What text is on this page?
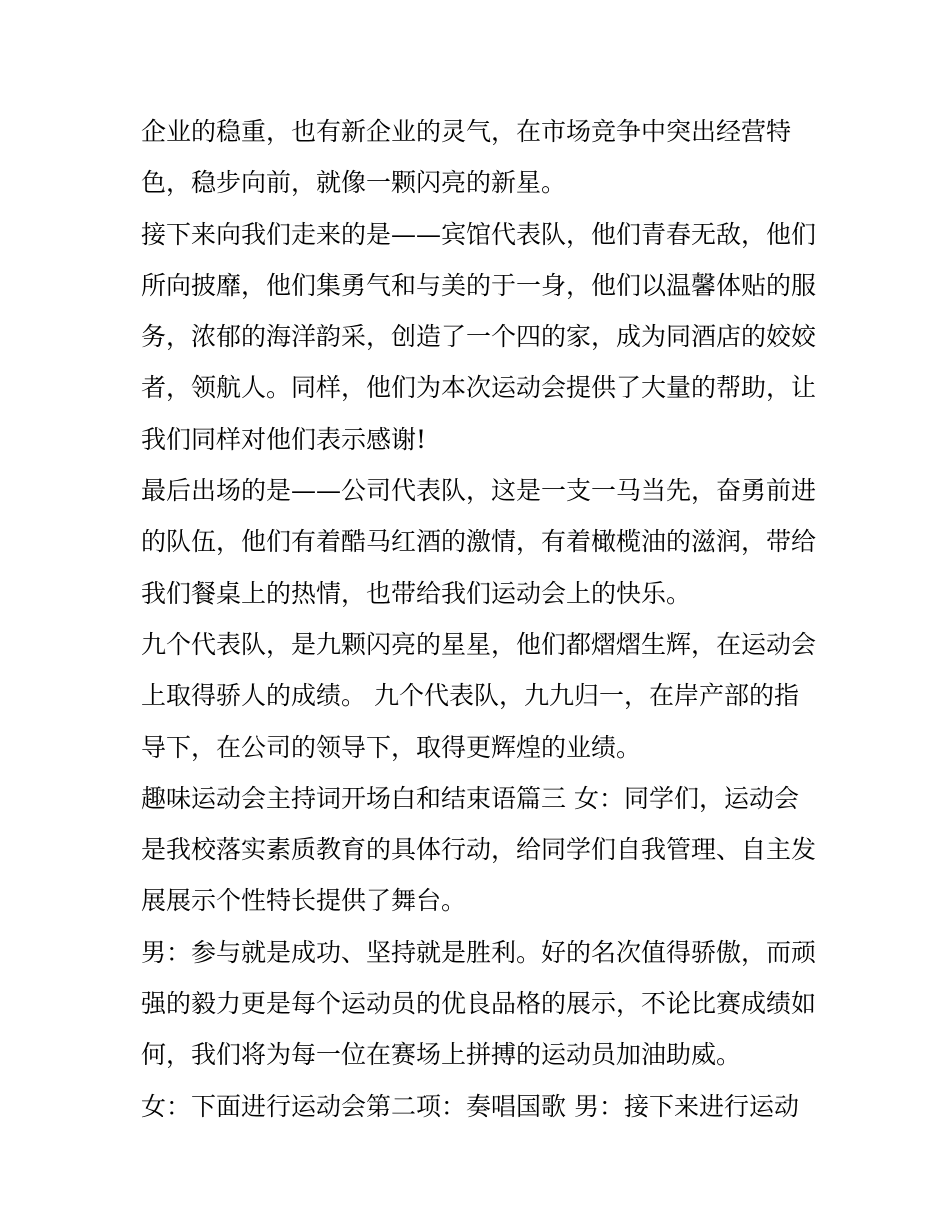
企业的稳重，也有新企业的灵气，在市场竞争中突出经营特
色，稳步向前，就像一颗闪亮的新星。
接下来向我们走来的是——宾馆代表队，他们青春无敌，他们
所向披靡，他们集勇气和与美的于一身，他们以温馨体贴的服
务，浓郁的海洋韵采，创造了一个四的家，成为同酒店的姣姣
者，领航人。同样，他们为本次运动会提供了大量的帮助，让
我们同样对他们表示感谢!
最后出场的是——公司代表队，这是一支一马当先，奋勇前进
的队伍，他们有着酷马红酒的激情，有着橄榄油的滋润，带给
我们餐桌上的热情，也带给我们运动会上的快乐。
九个代表队，是九颗闪亮的星星，他们都熠熠生辉，在运动会
上取得骄人的成绩。 九个代表队，九九归一，在岸产部的指
导下，在公司的领导下，取得更辉煌的业绩。
趣味运动会主持词开场白和结束语篇三 女：同学们，运动会
是我校落实素质教育的具体行动，给同学们自我管理、自主发
展展示个性特长提供了舞台。
男：参与就是成功、坚持就是胜利。好的名次值得骄傲，而顽
强的毅力更是每个运动员的优良品格的展示，不论比赛成绩如
何，我们将为每一位在赛场上拼搏的运动员加油助威。
女：下面进行运动会第二项：奏唱国歌 男：接下来进行运动
